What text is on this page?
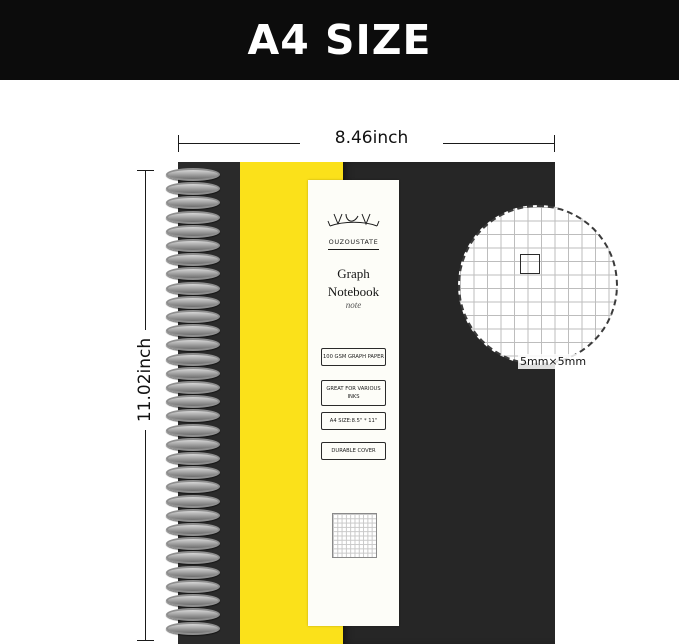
A4 SIZE
8.46inch
11.02inch
OUZOUSTATE
Graph
Notebook
note
100 GSM GRAPH PAPER
GREAT FOR VARIOUS INKS
A4 SIZE:8.5" * 11"
DURABLE COVER
5mm×5mm
